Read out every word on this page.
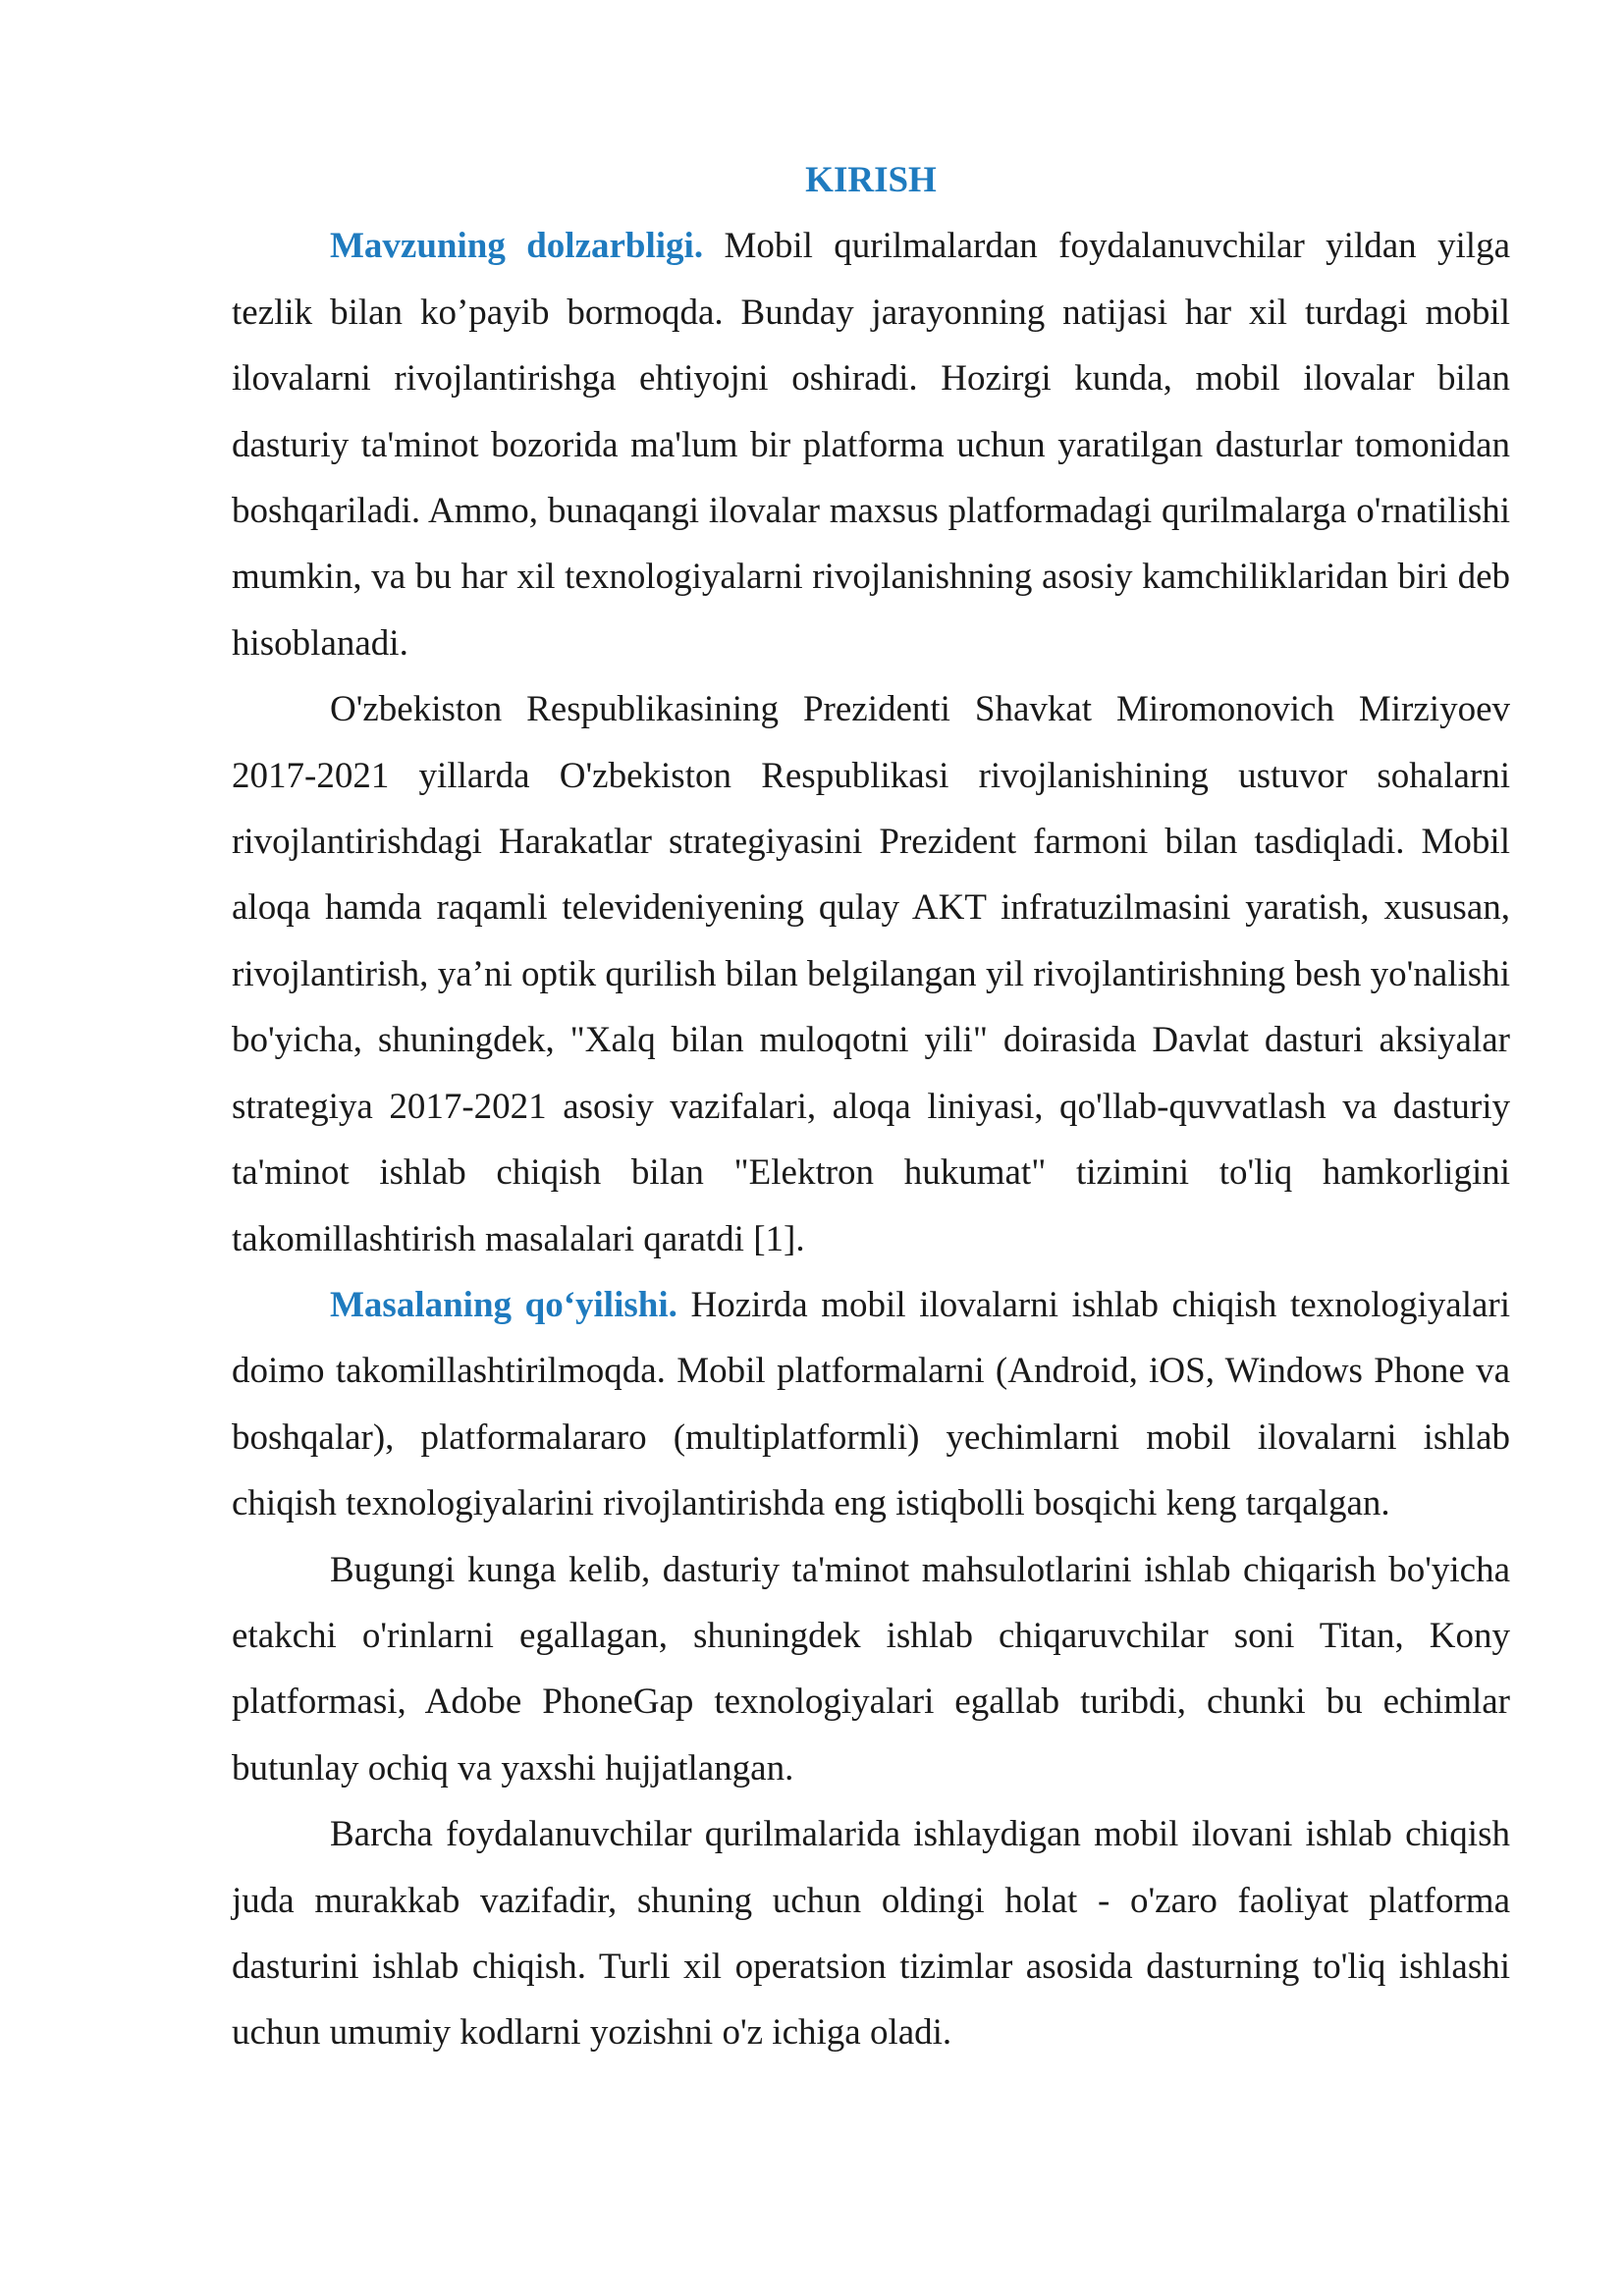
KIRISH

Mavzuning dolzarbligi. Mobil qurilmalardan foydalanuvchilar yildan yilga tezlik bilan ko’payib bormoqda. Bunday jarayonning natijasi har xil turdagi mobil ilovalarni rivojlantirishga ehtiyojni oshiradi. Hozirgi kunda, mobil ilovalar bilan dasturiy ta'minot bozorida ma'lum bir platforma uchun yaratilgan dasturlar tomonidan boshqariladi. Ammo, bunaqangi ilovalar maxsus platformadagi qurilmalarga o'rnatilishi mumkin, va bu har xil texnologiyalarni rivojlanishning asosiy kamchiliklaridan biri deb hisoblanadi.

O'zbekiston Respublikasining Prezidenti Shavkat Miromonovich Mirziyoev 2017-2021 yillarda O'zbekiston Respublikasi rivojlanishining ustuvor sohalarni rivojlantirishdagi Harakatlar strategiyasini Prezident farmoni bilan tasdiqladi. Mobil aloqa hamda raqamli televideniyening qulay AKT infratuzilmasini yaratish, xususan, rivojlantirish, ya’ni optik qurilish bilan belgilangan yil rivojlantirishning besh yo'nalishi bo'yicha, shuningdek, "Xalq bilan muloqotni yili" doirasida Davlat dasturi aksiyalar strategiya 2017-2021 asosiy vazifalari, aloqa liniyasi, qo'llab-quvvatlash va dasturiy ta'minot ishlab chiqish bilan "Elektron hukumat" tizimini to'liq hamkorligini takomillashtirish masalalari qaratdi [1].

Masalaning qo‘yilishi. Hozirda mobil ilovalarni ishlab chiqish texnologiyalari doimo takomillashtirilmoqda. Mobil platformalarni (Android, iOS, Windows Phone va boshqalar), platformalararo (multiplatformli) yechimlarni mobil ilovalarni ishlab chiqish texnologiyalarini rivojlantirishda eng istiqbolli bosqichi keng tarqalgan.

Bugungi kunga kelib, dasturiy ta'minot mahsulotlarini ishlab chiqarish bo'yicha etakchi o'rinlarni egallagan, shuningdek ishlab chiqaruvchilar soni Titan, Kony platformasi, Adobe PhoneGap texnologiyalari egallab turibdi, chunki bu echimlar butunlay ochiq va yaxshi hujjatlangan.

Barcha foydalanuvchilar qurilmalarida ishlaydigan mobil ilovani ishlab chiqish juda murakkab vazifadir, shuning uchun oldingi holat - o'zaro faoliyat platforma dasturini ishlab chiqish. Turli xil operatsion tizimlar asosida dasturning to'liq ishlashi uchun umumiy kodlarni yozishni o'z ichiga oladi.
